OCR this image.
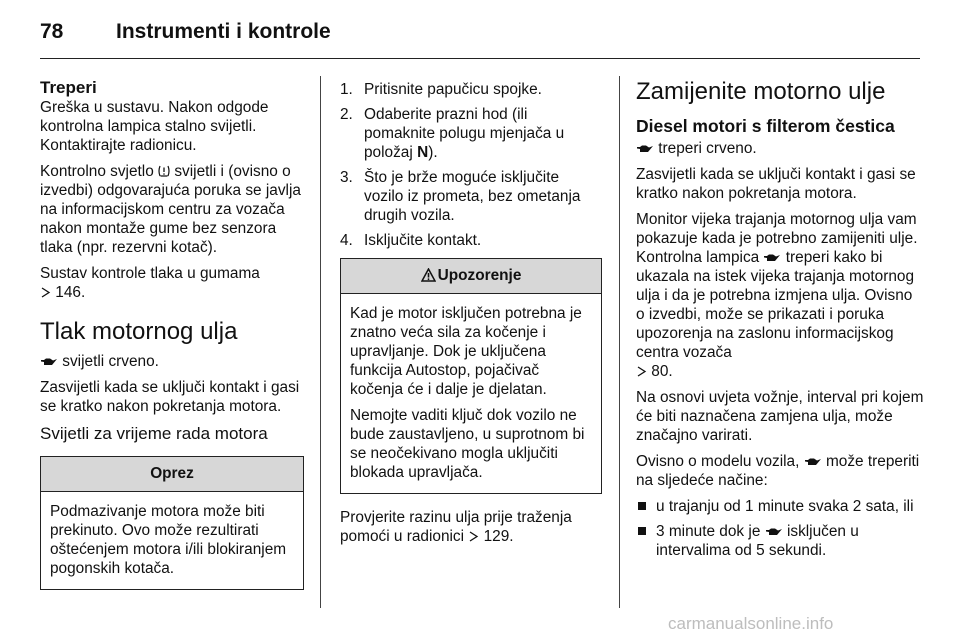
78	Instrumenti i kontrole
Treperi

Greška u sustavu. Nakon odgode kontrolna lampica stalno svijetli. Kontaktirajte radionicu.

Kontrolno svjetlo svijetli i (ovisno o izvedbi) odgovarajuća poruka se javlja na informacijskom centru za vozača nakon montaže gume bez senzora tlaka (npr. rezervni kotač).

Sustav kontrole tlaka u gumama
146.

Tlak motornog ulja

svijetli crveno.

Zasvijetli kada se uključi kontakt i gasi se kratko nakon pokretanja motora.

Svijetli za vrijeme rada motora
Oprez

Podmazivanje motora može biti prekinuto. Ovo može rezultirati oštećenjem motora i/ili blokiranjem pogonskih kotača.

1. Pritisnite papučicu spojke.
2. Odaberite prazni hod (ili pomaknite polugu mjenjača u položaj N).
3. Što je brže moguće isključite vozilo iz prometa, bez ometanja drugih vozila.
4. Isključite kontakt.
Upozorenje

Kad je motor isključen potrebna je znatno veća sila za kočenje i upravljanje. Dok je uključena funkcija Autostop, pojačivač kočenja će i dalje je djelatan.

Nemojte vaditi ključ dok vozilo ne bude zaustavljeno, u suprotnom bi se neočekivano mogla uključiti blokada upravljača.

Provjerite razinu ulja prije traženja pomoći u radionici 129.

Zamijenite motorno ulje
Diesel motori s filterom čestica

treperi crveno.

Zasvijetli kada se uključi kontakt i gasi se kratko nakon pokretanja motora.

Monitor vijeka trajanja motornog ulja vam pokazuje kada je potrebno zamijeniti ulje. Kontrolna lampica treperi kako bi ukazala na istek vijeka trajanja motornog ulja i da je potrebna izmjena ulja. Ovisno o izvedbi, može se prikazati i poruka upozorenja na zaslonu informacijskog centra vozača
80.

Na osnovi uvjeta vožnje, interval pri kojem će biti naznačena zamjena ulja, može značajno varirati.

Ovisno o modelu vozila, može treperiti na sljedeće načine:

u trajanju od 1 minute svaka 2 sata, ili
3 minute dok je isključen u intervalima od 5 sekundi.
carmanualsonline.info
